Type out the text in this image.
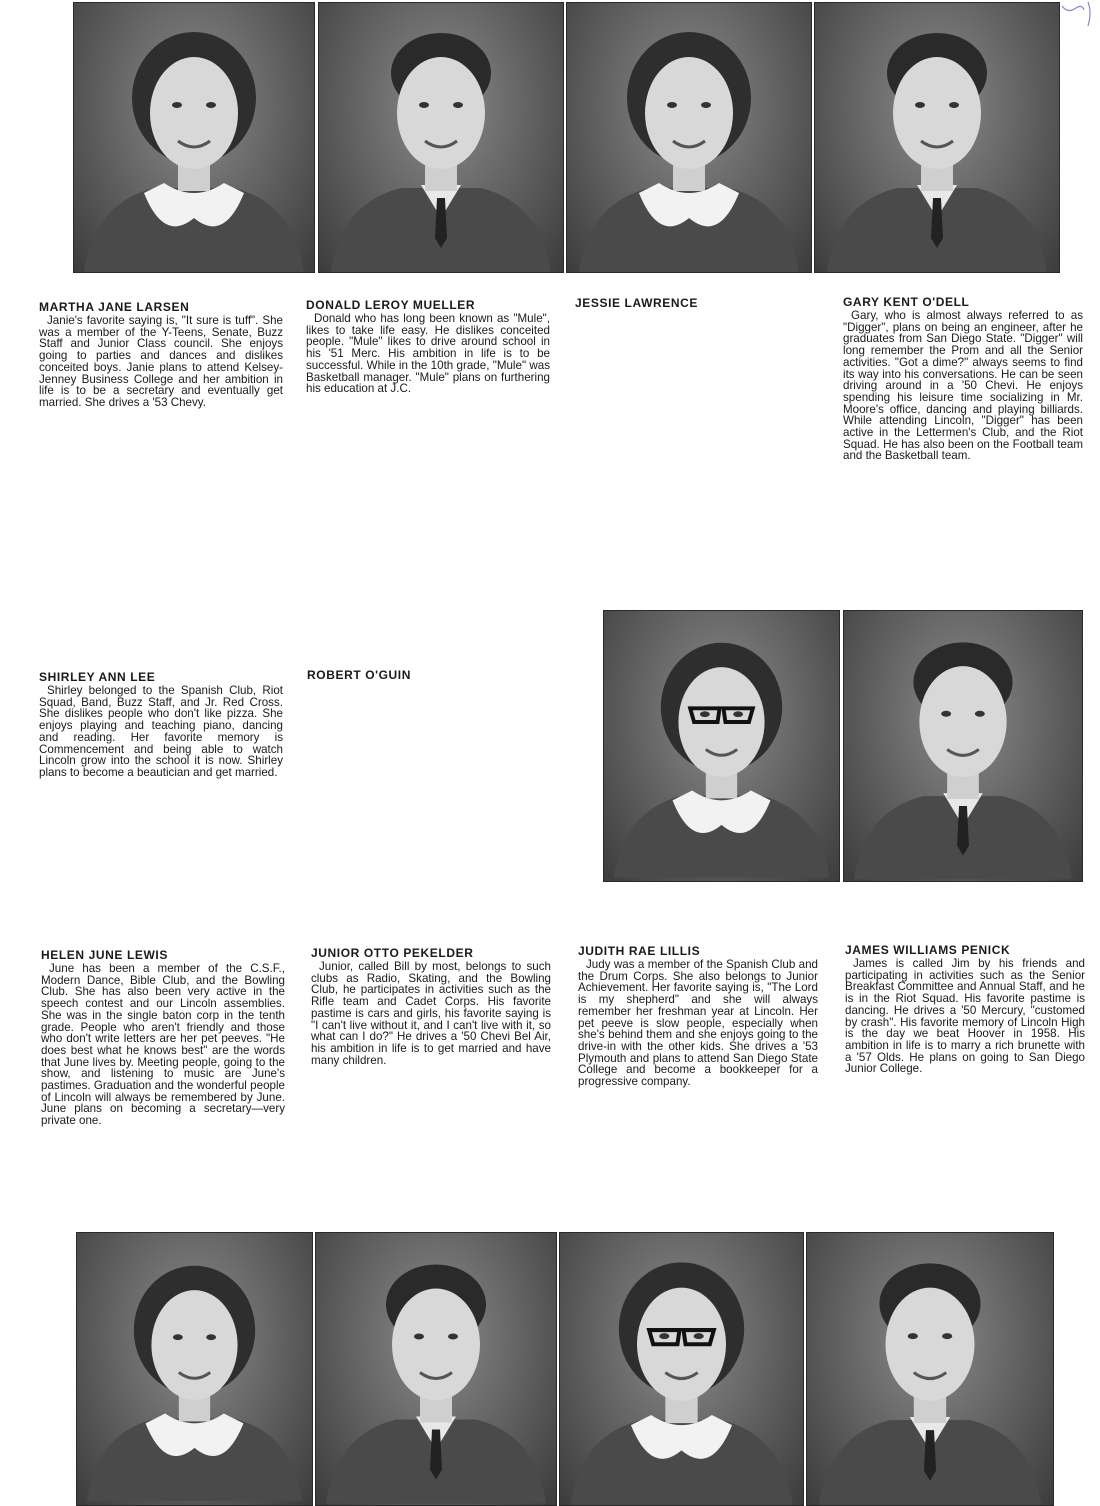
MARTHA JANE LARSEN

Janie's favorite saying is, "It sure is tuff". She was a member of the Y-Teens, Senate, Buzz Staff and Junior Class council. She enjoys going to parties and dances and dislikes conceited boys. Janie plans to attend Kelsey-Jenney Business College and her ambition in life is to be a secretary and eventually get married. She drives a '53 Chevy.

DONALD LEROY MUELLER

Donald who has long been known as "Mule", likes to take life easy. He dislikes conceited people. "Mule" likes to drive around school in his '51 Merc. His ambition in life is to be successful. While in the 10th grade, "Mule" was Basketball manager. "Mule" plans on furthering his education at J.C.

JESSIE LAWRENCE	GARY KENT O'DELL

Gary, who is almost always referred to as "Digger", plans on being an engineer, after he graduates from San Diego State. "Digger" will long remember the Prom and all the Senior activities. "Got a dime?" always seems to find its way into his conversations. He can be seen driving around in a '50 Chevi. He enjoys spending his leisure time socializing in Mr. Moore's office, dancing and playing billiards. While attending Lincoln, "Digger" has been active in the Lettermen's Club, and the Riot Squad. He has also been on the Football team and the Basketball team.

SHIRLEY ANN LEE

Shirley belonged to the Spanish Club, Riot Squad, Band, Buzz Staff, and Jr. Red Cross. She dislikes people who don't like pizza. She enjoys playing and teaching piano, dancing and reading. Her favorite memory is Commencement and being able to watch Lincoln grow into the school it is now. Shirley plans to become a beautician and get married.

ROBERT O'GUIN

HELEN JUNE LEWIS

June has been a member of the C.S.F., Modern Dance, Bible Club, and the Bowling Club. She has also been very active in the speech contest and our Lincoln assemblies. She was in the single baton corp in the tenth grade. People who aren't friendly and those who don't write letters are her pet peeves. "He does best what he knows best" are the words that June lives by. Meeting people, going to the show, and listening to music are June's pastimes. Graduation and the wonderful people of Lincoln will always be remembered by June. June plans on becoming a secretary—very private one.

JUNIOR OTTO PEKELDER

Junior, called Bill by most, belongs to such clubs as Radio, Skating, and the Bowling Club, he participates in activities such as the Rifle team and Cadet Corps. His favorite pastime is cars and girls, his favorite saying is "I can't live without it, and I can't live with it, so what can I do?" He drives a '50 Chevi Bel Air, his ambition in life is to get married and have many children.

JUDITH RAE LILLIS

Judy was a member of the Spanish Club and the Drum Corps. She also belongs to Junior Achievement. Her favorite saying is, "The Lord is my shepherd" and she will always remember her freshman year at Lincoln. Her pet peeve is slow people, especially when she's behind them and she enjoys going to the drive-in with the other kids. She drives a '53 Plymouth and plans to attend San Diego State College and become a bookkeeper for a progressive company.

JAMES WILLIAMS PENICK

James is called Jim by his friends and participating in activities such as the Senior Breakfast Committee and Annual Staff, and he is in the Riot Squad. His favorite pastime is dancing. He drives a '50 Mercury, "customed by crash". His favorite memory of Lincoln High is the day we beat Hoover in 1958. His ambition in life is to marry a rich brunette with a '57 Olds. He plans on going to San Diego Junior College.
